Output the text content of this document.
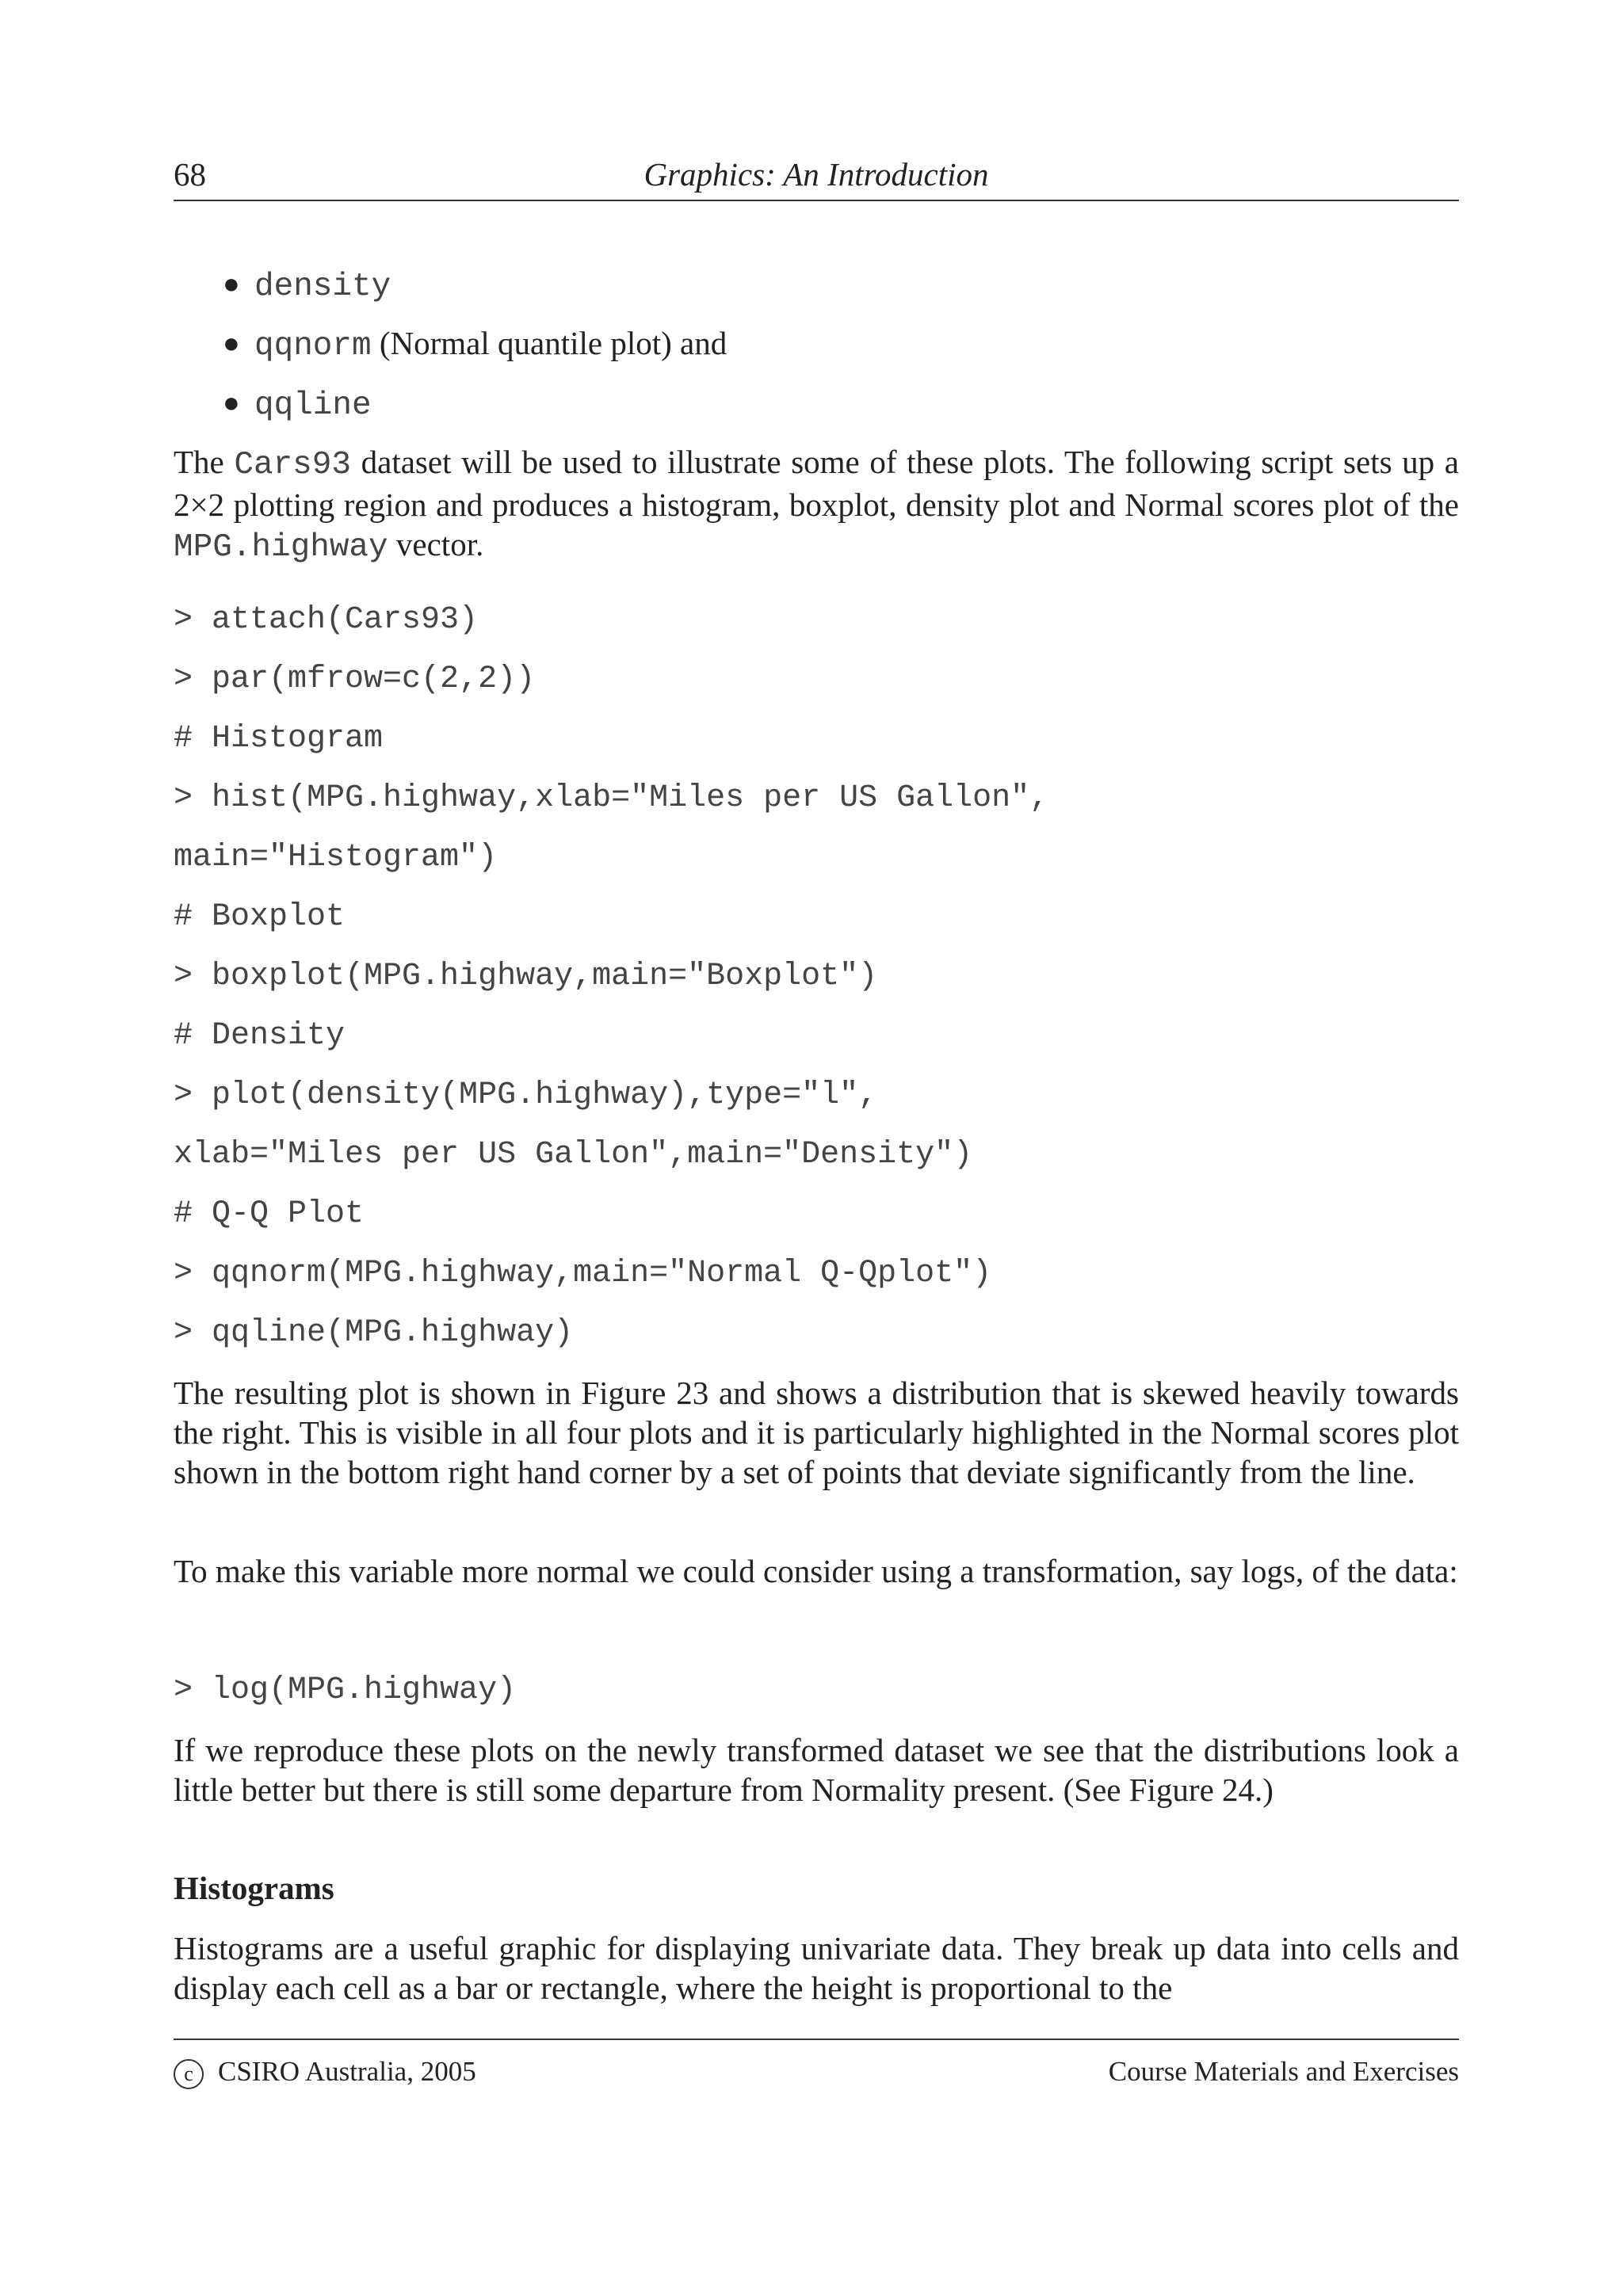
68	Graphics: An Introduction
● density
● qqnorm (Normal quantile plot) and
● qqline

The Cars93 dataset will be used to illustrate some of these plots. The following script sets up a 2×2 plotting region and produces a histogram, boxplot, density plot and Normal scores plot of the MPG.highway vector.

> attach(Cars93)
> par(mfrow=c(2,2))
# Histogram
> hist(MPG.highway,xlab="Miles per US Gallon",
main="Histogram")
# Boxplot
> boxplot(MPG.highway,main="Boxplot")
# Density
> plot(density(MPG.highway),type="l",
xlab="Miles per US Gallon",main="Density")
# Q-Q Plot
> qqnorm(MPG.highway,main="Normal Q-Qplot")
> qqline(MPG.highway)

The resulting plot is shown in Figure 23 and shows a distribution that is skewed heavily towards the right. This is visible in all four plots and it is particularly highlighted in the Normal scores plot shown in the bottom right hand corner by a set of points that deviate significantly from the line.

To make this variable more normal we could consider using a transformation, say logs, of the data:

> log(MPG.highway)

If we reproduce these plots on the newly transformed dataset we see that the distributions look a little better but there is still some departure from Normality present. (See Figure 24.)

Histograms

Histograms are a useful graphic for displaying univariate data. They break up data into cells and display each cell as a bar or rectangle, where the height is proportional to the

c CSIRO Australia, 2005	Course Materials and Exercises
